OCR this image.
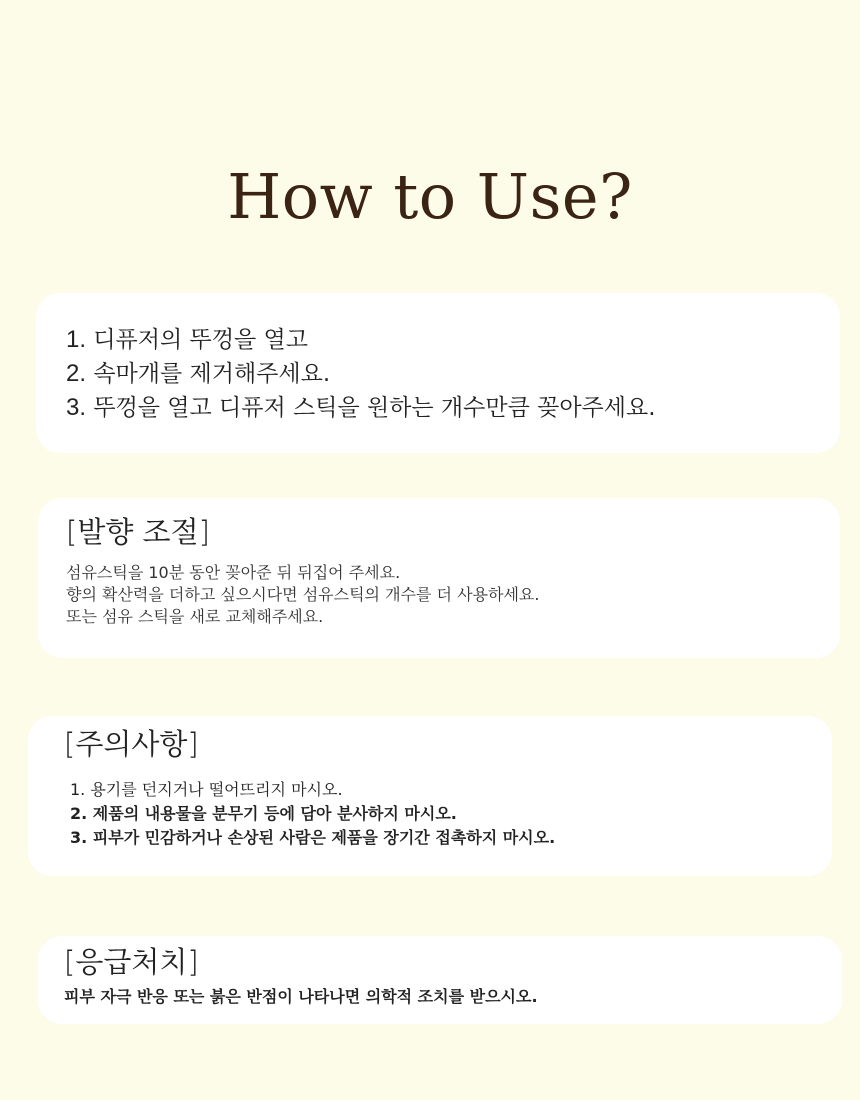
How to Use?
1. 디퓨저의 뚜껑을 열고
2. 속마개를 제거해주세요.
3. 뚜껑을 열고 디퓨저 스틱을 원하는 개수만큼 꽂아주세요.

[발향 조절]

섬유스틱을 10분 동안 꽂아준 뒤 뒤집어 주세요.

향의 확산력을 더하고 싶으시다면 섬유스틱의 개수를 더 사용하세요.

또는 섬유 스틱을 새로 교체해주세요.

[주의사항]

1. 용기를 던지거나 떨어뜨리지 마시오.
2. 제품의 내용물을 분무기 등에 담아 분사하지 마시오.
3. 피부가 민감하거나 손상된 사람은 제품을 장기간 접촉하지 마시오.

[응급처치]

피부 자극 반응 또는 붉은 반점이 나타나면 의학적 조치를 받으시오.
